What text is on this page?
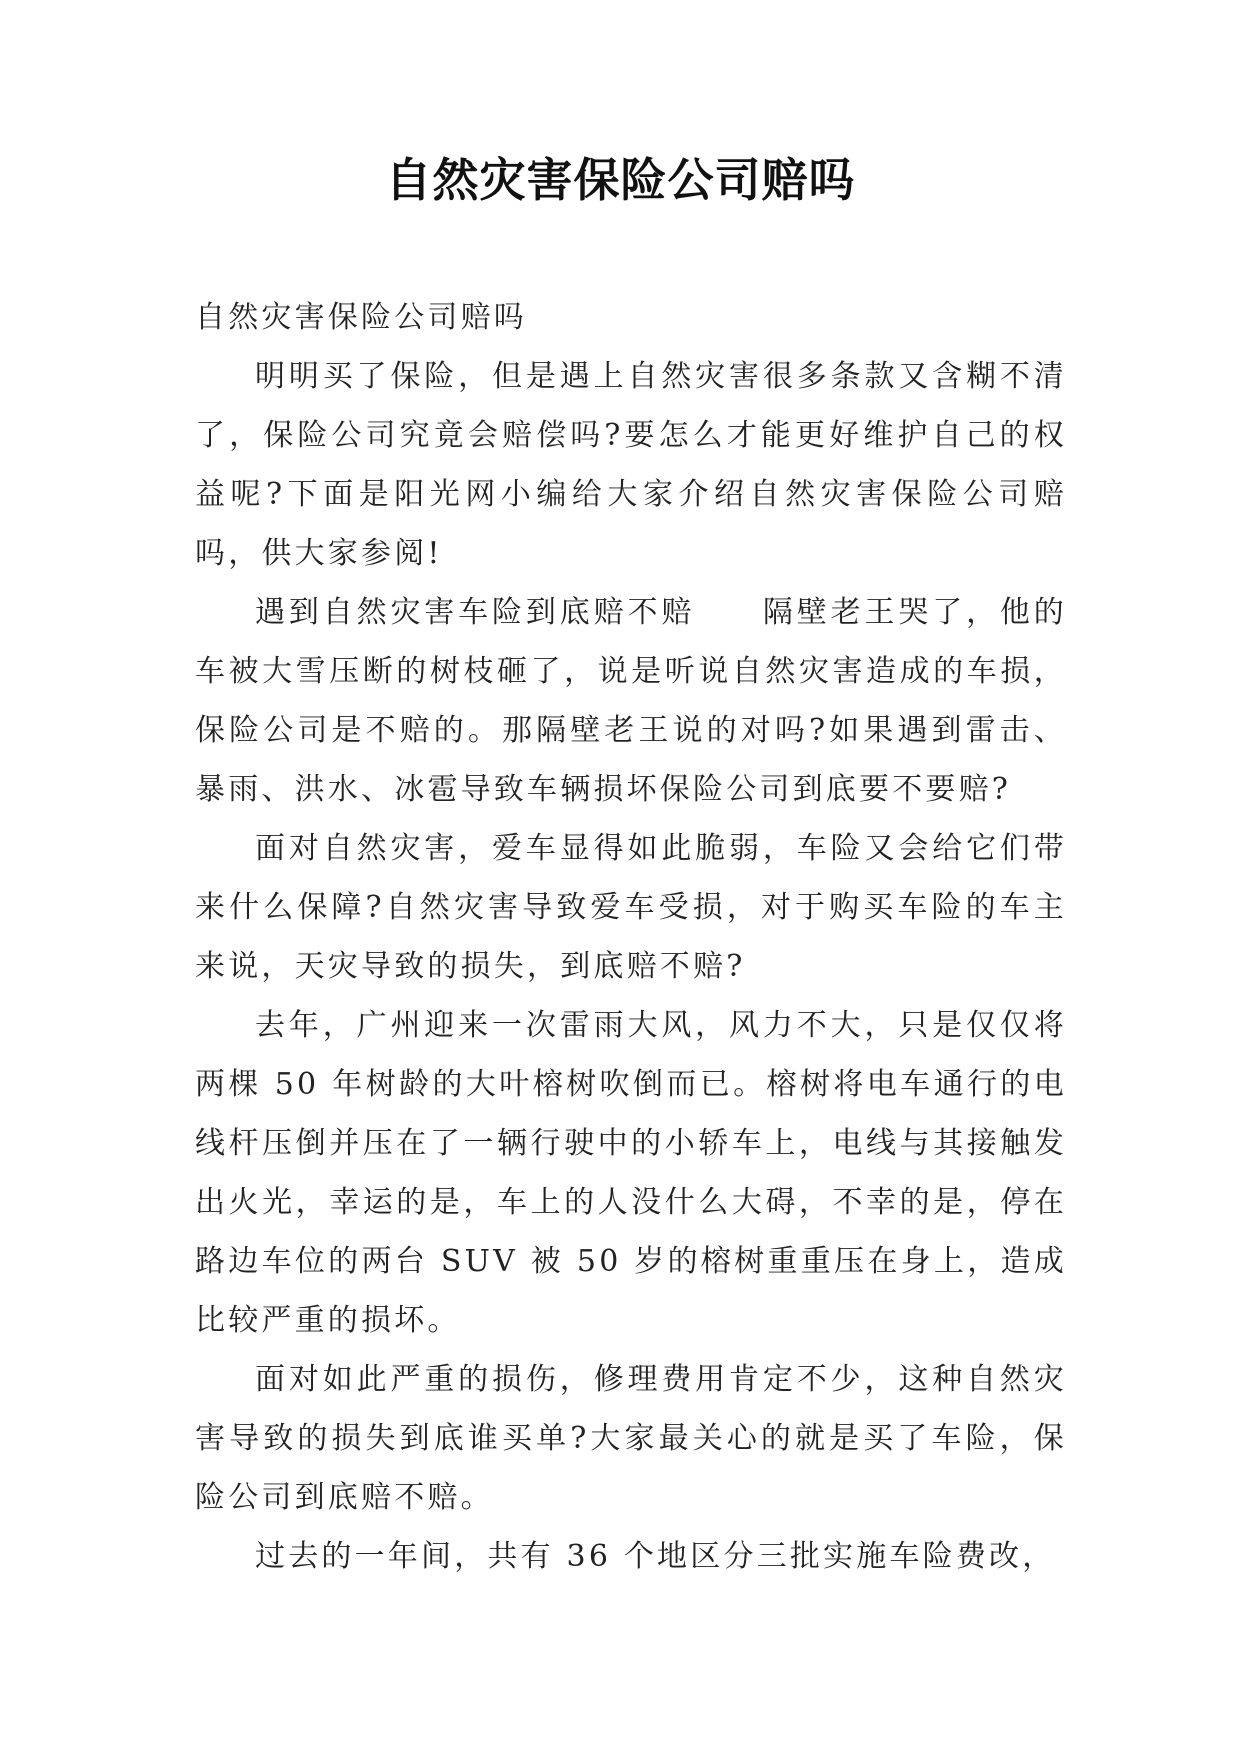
自然灾害保险公司赔吗

自然灾害保险公司赔吗

明明买了保险，但是遇上自然灾害很多条款又含糊不清了，保险公司究竟会赔偿吗?要怎么才能更好维护自己的权益呢?下面是阳光网小编给大家介绍自然灾害保险公司赔吗，供大家参阅!

遇到自然灾害车险到底赔不赔　　隔壁老王哭了，他的车被大雪压断的树枝砸了，说是听说自然灾害造成的车损，保险公司是不赔的。那隔壁老王说的对吗?如果遇到雷击、暴雨、洪水、冰雹导致车辆损坏保险公司到底要不要赔?

面对自然灾害，爱车显得如此脆弱，车险又会给它们带来什么保障?自然灾害导致爱车受损，对于购买车险的车主来说，天灾导致的损失，到底赔不赔?

去年，广州迎来一次雷雨大风，风力不大，只是仅仅将两棵 50 年树龄的大叶榕树吹倒而已。榕树将电车通行的电线杆压倒并压在了一辆行驶中的小轿车上，电线与其接触发出火光，幸运的是，车上的人没什么大碍，不幸的是，停在路边车位的两台 SUV 被 50 岁的榕树重重压在身上，造成比较严重的损坏。

面对如此严重的损伤，修理费用肯定不少，这种自然灾害导致的损失到底谁买单?大家最关心的就是买了车险，保险公司到底赔不赔。

过去的一年间，共有 36 个地区分三批实施车险费改，
